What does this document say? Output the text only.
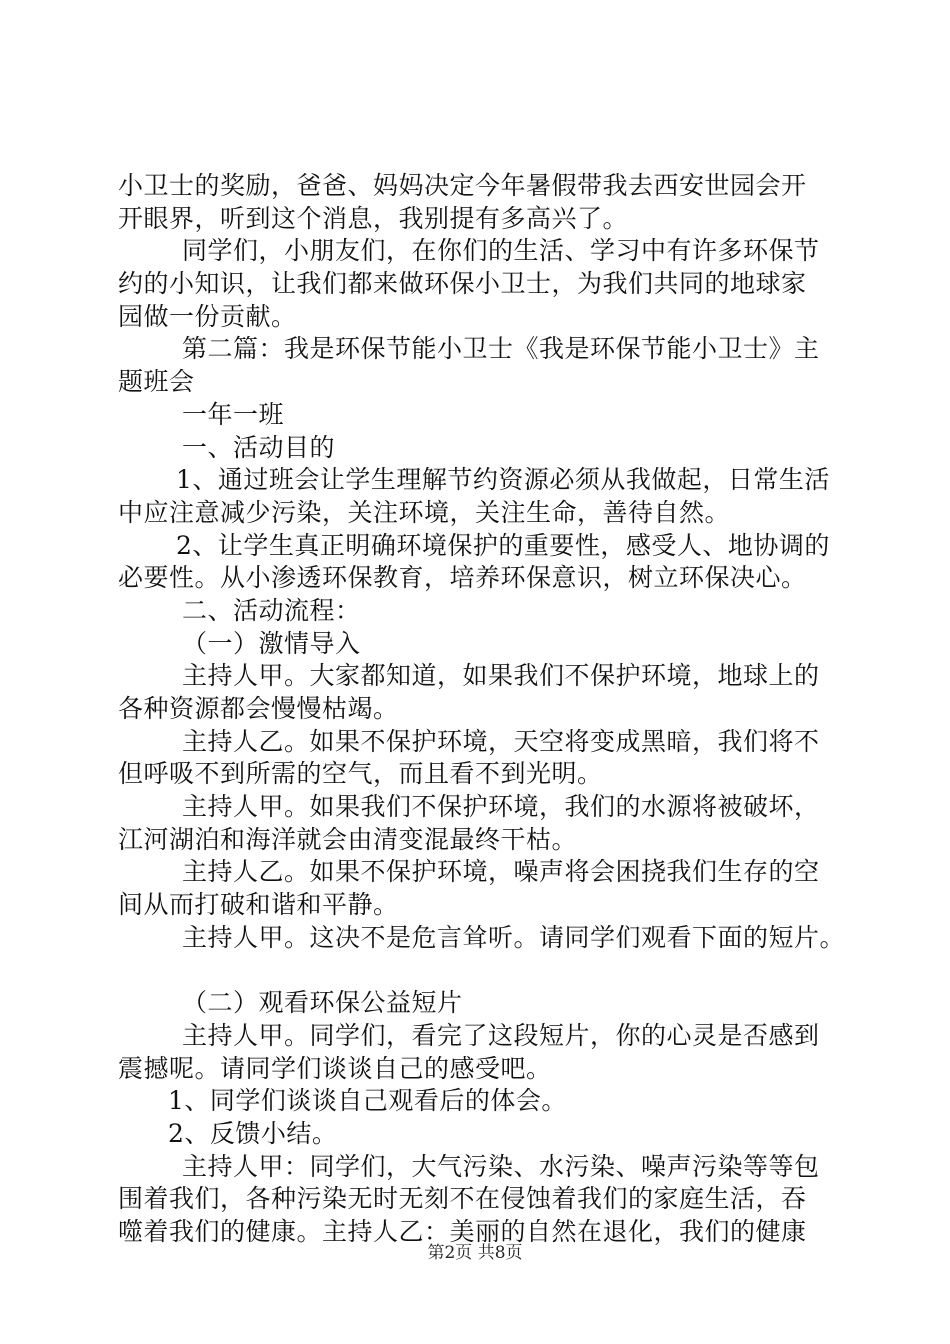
小卫士的奖励，爸爸、妈妈决定今年暑假带我去西安世园会开
开眼界，听到这个消息，我别提有多高兴了。
同学们，小朋友们，在你们的生活、学习中有许多环保节
约的小知识，让我们都来做环保小卫士，为我们共同的地球家
园做一份贡献。
第二篇：我是环保节能小卫士《我是环保节能小卫士》主
题班会
一年一班
一、活动目的
1、通过班会让学生理解节约资源必须从我做起，日常生活
中应注意减少污染，关注环境，关注生命，善待自然。
2、让学生真正明确环境保护的重要性，感受人、地协调的
必要性。从小渗透环保教育，培养环保意识，树立环保决心。
二、活动流程：
（一）激情导入
主持人甲。大家都知道，如果我们不保护环境，地球上的
各种资源都会慢慢枯竭。
主持人乙。如果不保护环境，天空将变成黑暗，我们将不
但呼吸不到所需的空气，而且看不到光明。
主持人甲。如果我们不保护环境，我们的水源将被破坏，
江河湖泊和海洋就会由清变混最终干枯。
主持人乙。如果不保护环境，噪声将会困挠我们生存的空
间从而打破和谐和平静。
主持人甲。这决不是危言耸听。请同学们观看下面的短片。
（二）观看环保公益短片
主持人甲。同学们，看完了这段短片，你的心灵是否感到
震撼呢。请同学们谈谈自己的感受吧。
1、同学们谈谈自己观看后的体会。
2、反馈小结。
主持人甲：同学们，大气污染、水污染、噪声污染等等包
围着我们，各种污染无时无刻不在侵蚀着我们的家庭生活，吞
噬着我们的健康。主持人乙：美丽的自然在退化，我们的健康
第2页 共8页
